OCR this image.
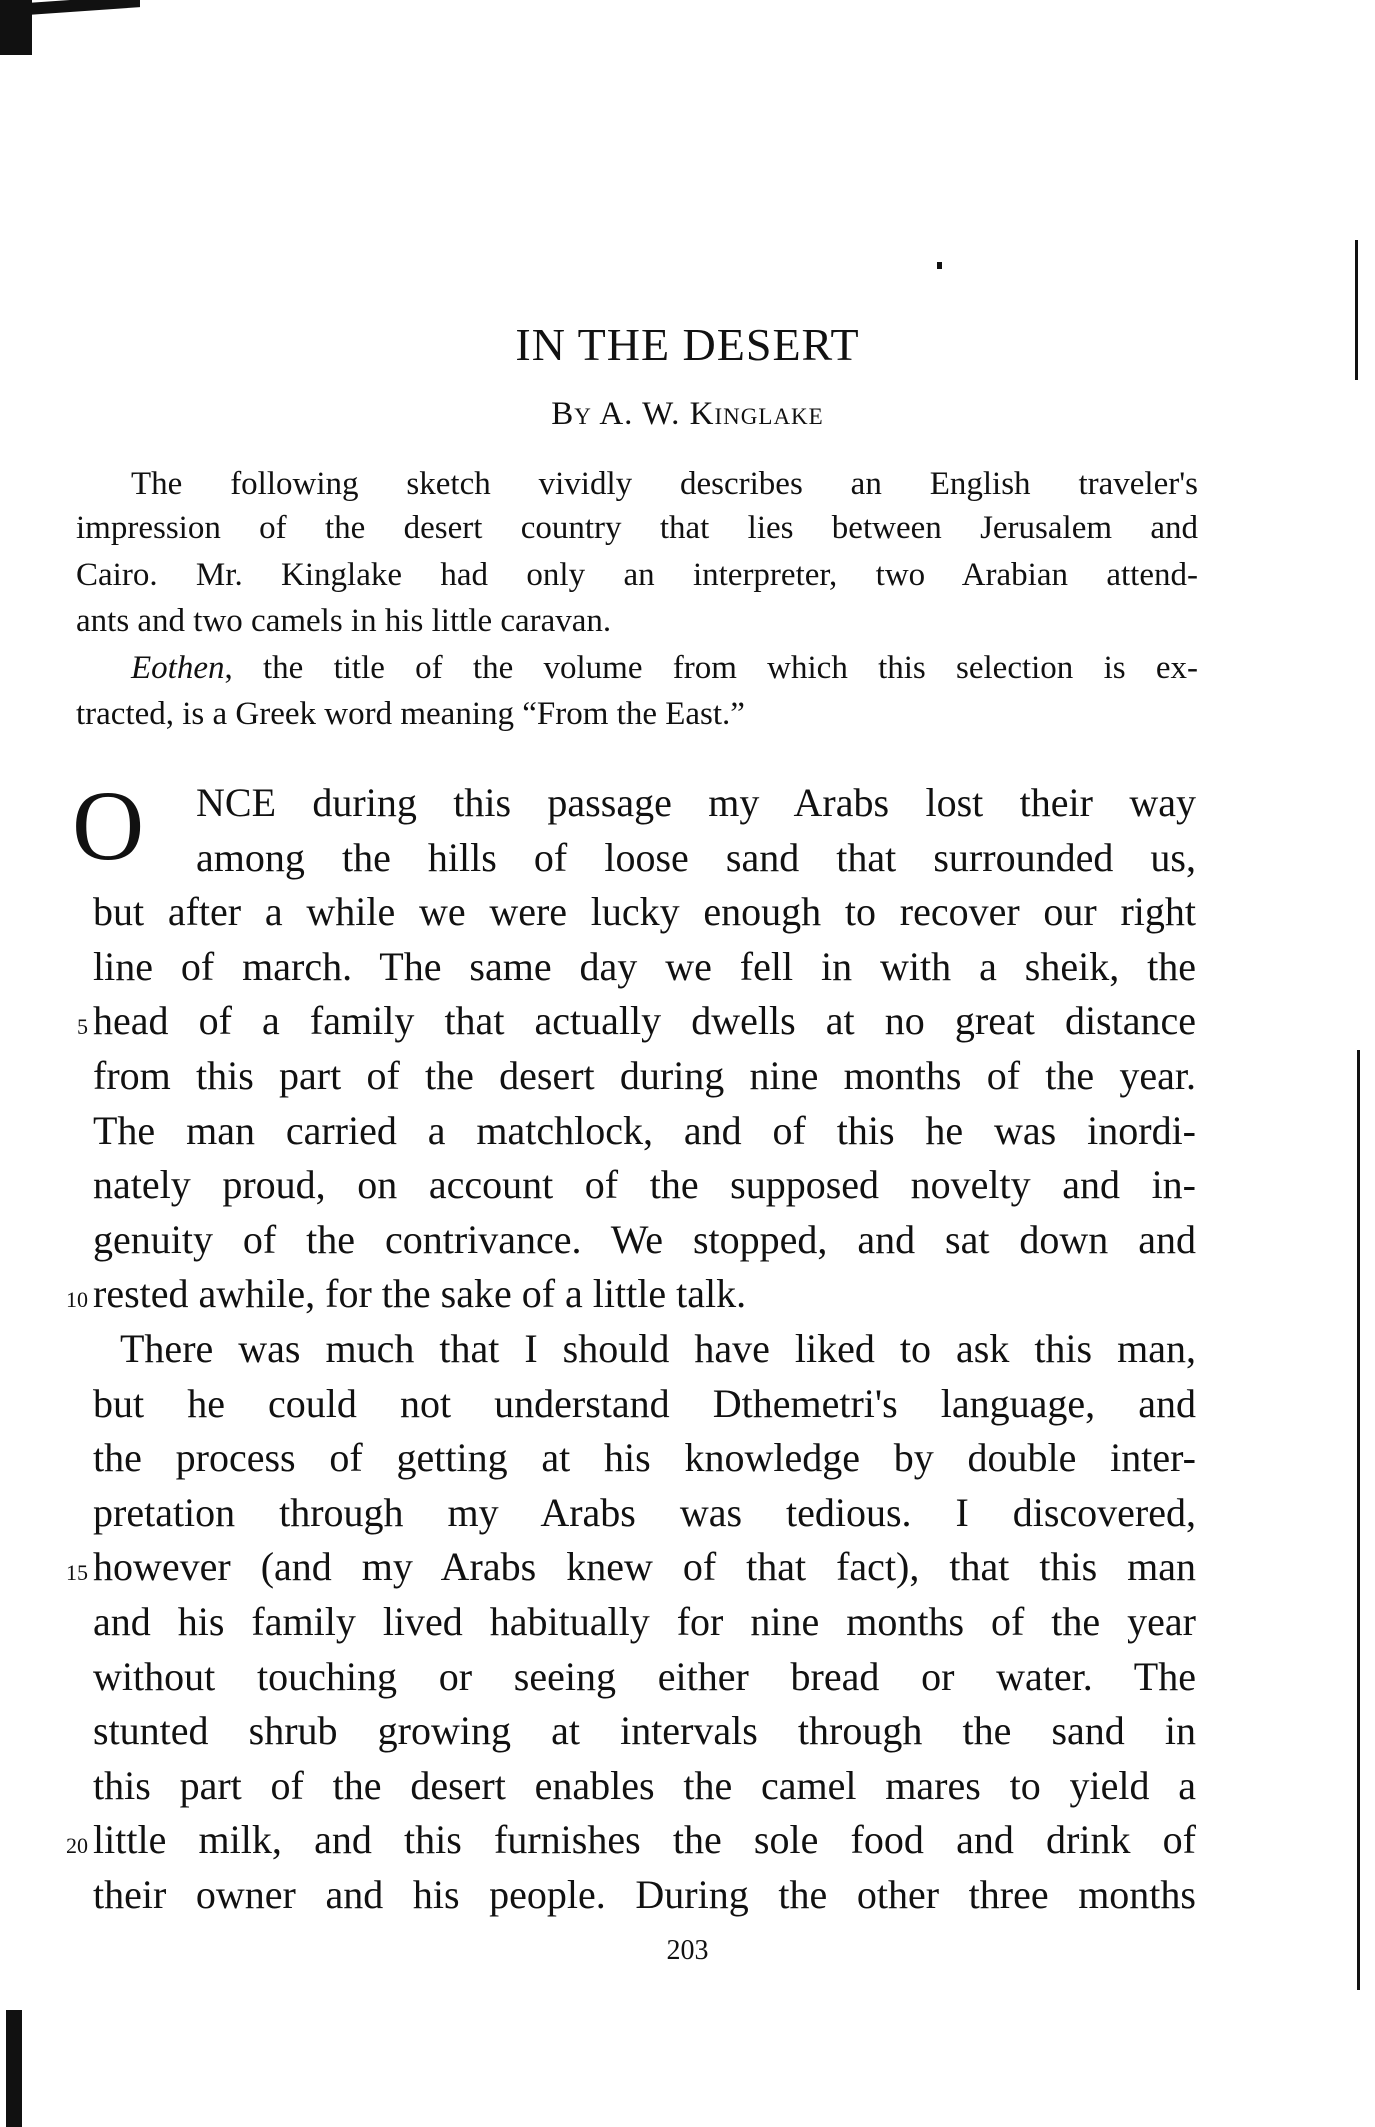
IN THE DESERT
By A. W. Kinglake
The following sketch vividly describes an English traveler's
impression of the desert country that lies between Jerusalem and
Cairo. Mr. Kinglake had only an interpreter, two Arabian attend-
ants and two camels in his little caravan.
Eothen, the title of the volume from which this selection is ex-
tracted, is a Greek word meaning “From the East.”
O NCE during this passage my Arabs lost their way
among the hills of loose sand that surrounded us,
but after a while we were lucky enough to recover our right
line of march. The same day we fell in with a sheik, the
head of a family that actually dwells at no great distance
from this part of the desert during nine months of the year.
The man carried a matchlock, and of this he was inordi-
nately proud, on account of the supposed novelty and in-
genuity of the contrivance. We stopped, and sat down and
rested awhile, for the sake of a little talk.
There was much that I should have liked to ask this man,
but he could not understand Dthemetri's language, and
the process of getting at his knowledge by double inter-
pretation through my Arabs was tedious. I discovered,
however (and my Arabs knew of that fact), that this man
and his family lived habitually for nine months of the year
without touching or seeing either bread or water. The
stunted shrub growing at intervals through the sand in
this part of the desert enables the camel mares to yield a
little milk, and this furnishes the sole food and drink of
their owner and his people. During the other three months
5
10
15
20
203
